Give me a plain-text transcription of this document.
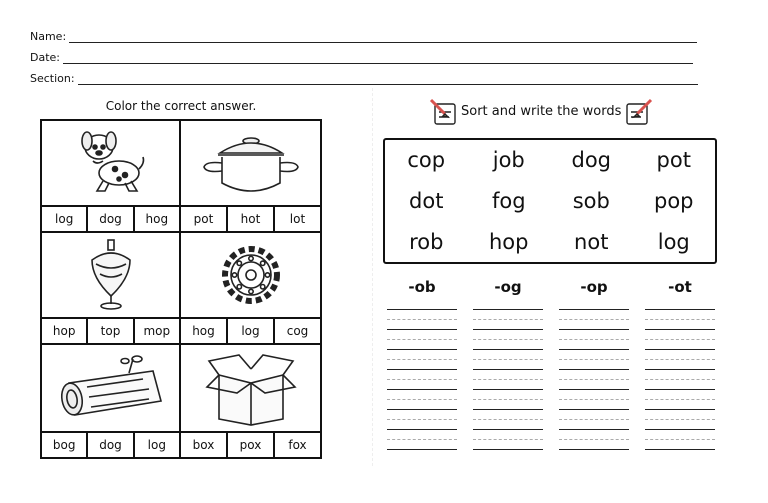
Name:
Date:
Section:
Color the correct answer.
log	dog	hog	pot	hot	lot
hop	top	mop	hog	log	cog
bog	dog	log	box	pox	fox
Sort and write the words
cop	job	dog	pot
dot	fog	sob	pop
rob	hop	not	log
-ob	-og	-op	-ot
